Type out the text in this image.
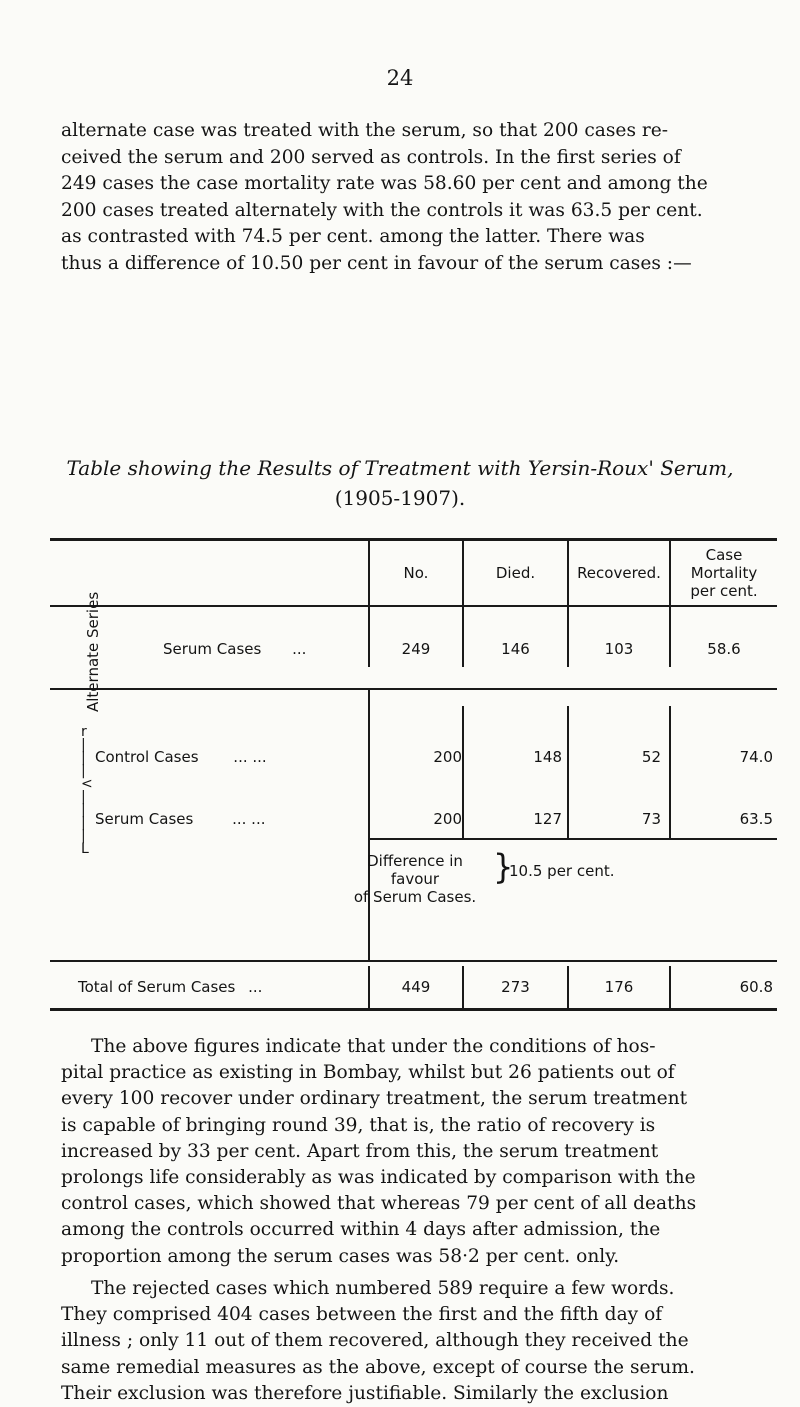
24
alternate case was treated with the serum, so that 200 cases re-
ceived the serum and 200 served as controls. In the first series of
249 cases the case mortality rate was 58.60 per cent and among the
200 cases treated alternately with the controls it was 63.5 per cent.
as contrasted with 74.5 per cent. among the latter. There was
thus a difference of 10.50 per cent in favour of the serum cases :—
Table showing the Results of Treatment with Yersin-Roux' Serum,
(1905-1907).
No.	Died.	Recovered.
Case
Mortality
per cent.
Serum Cases ...	249	146	103	58.6
Alternate Series
r
|
|
|
<
|
|
|
|
L
Control Cases ... ...	200	148	52	74.0
Serum Cases	... ...	200	127	73	63.5
Difference in favour
of Serum Cases.
}
10.5 per cent.
Total of Serum Cases ...	449	273	176	60.8
The above figures indicate that under the conditions of hos-
pital practice as existing in Bombay, whilst but 26 patients out of
every 100 recover under ordinary treatment, the serum treatment
is capable of bringing round 39, that is, the ratio of recovery is
increased by 33 per cent. Apart from this, the serum treatment
prolongs life considerably as was indicated by comparison with the
control cases, which showed that whereas 79 per cent of all deaths
among the controls occurred within 4 days after admission, the
proportion among the serum cases was 58·2 per cent. only.
The rejected cases which numbered 589 require a few words.
They comprised 404 cases between the first and the fifth day of
illness ; only 11 out of them recovered, although they received the
same remedial measures as the above, except of course the serum.
Their exclusion was therefore justifiable. Similarly the exclusion
